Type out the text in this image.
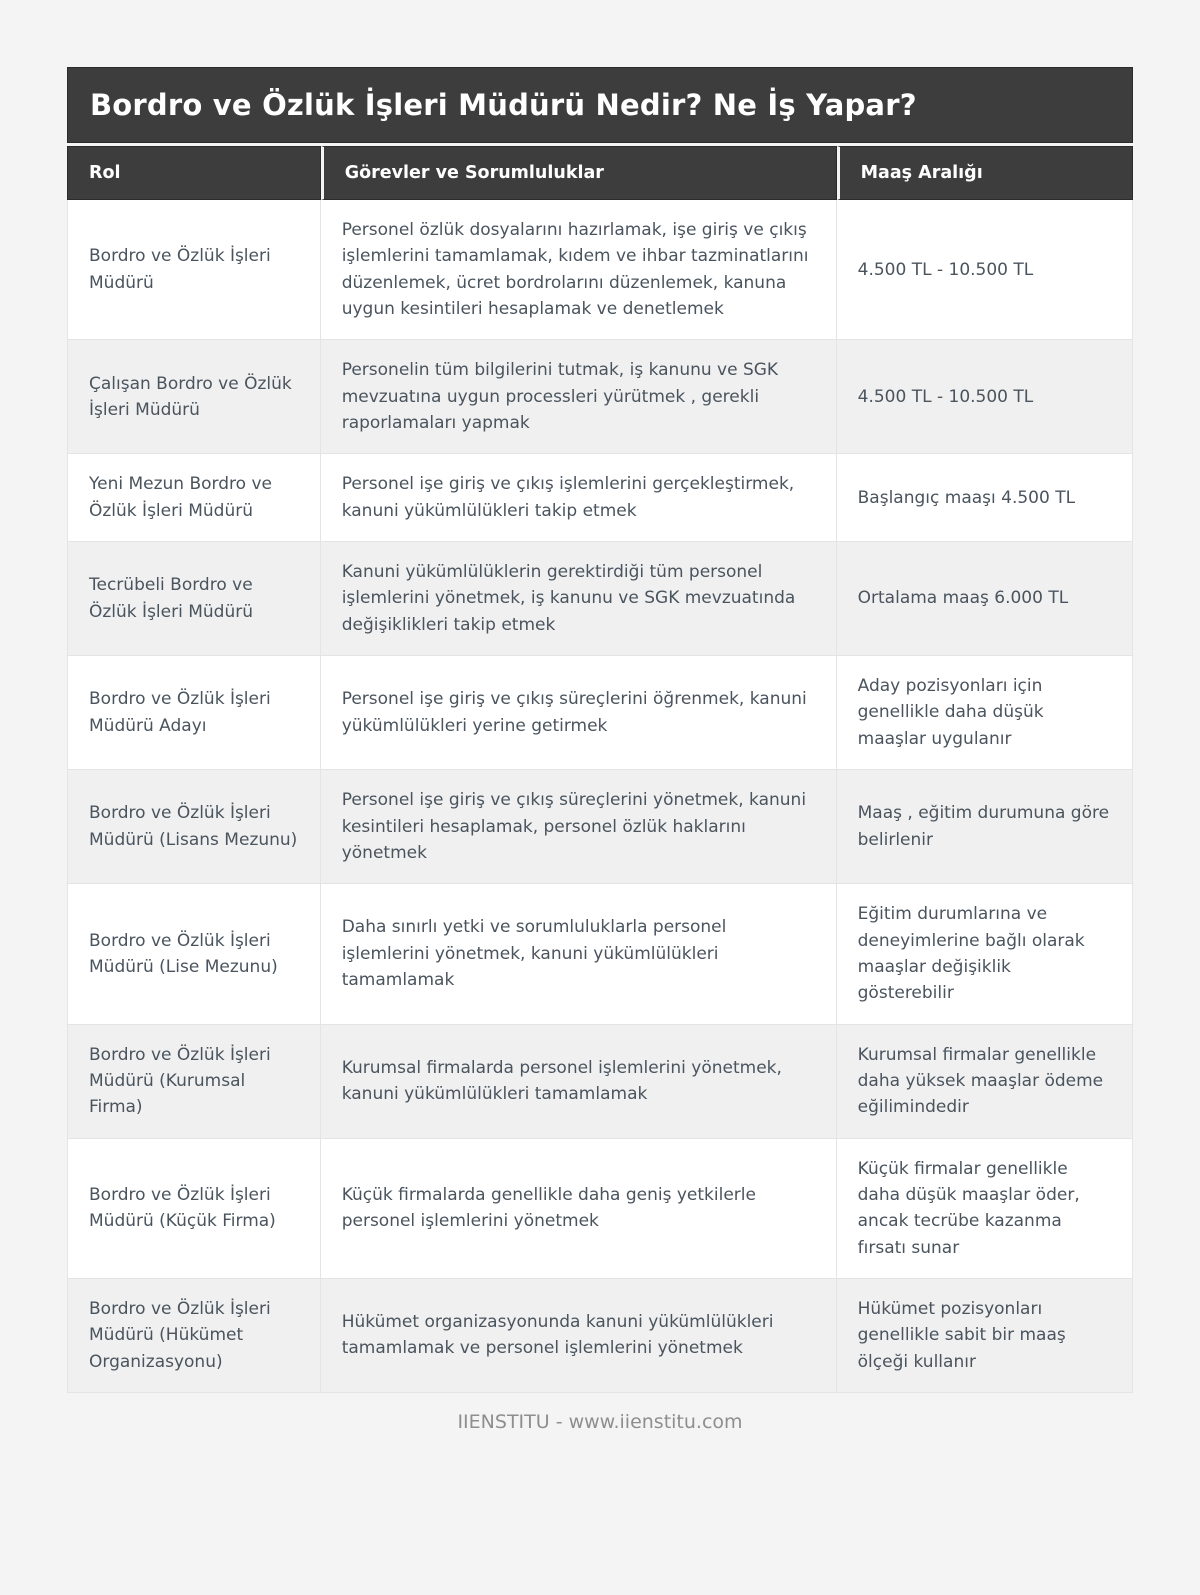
Bordro ve Özlük İşleri Müdürü Nedir? Ne İş Yapar?
Rol	Görevler ve Sorumluluklar	Maaş Aralığı
Bordro ve Özlük İşleri Müdürü	Personel özlük dosyalarını hazırlamak, işe giriş ve çıkış işlemlerini tamamlamak, kıdem ve ihbar tazminatlarını düzenlemek, ücret bordrolarını düzenlemek, kanuna uygun kesintileri hesaplamak ve denetlemek	4.500 TL - 10.500 TL
Çalışan Bordro ve Özlük İşleri Müdürü	Personelin tüm bilgilerini tutmak, iş kanunu ve SGK mevzuatına uygun processleri yürütmek , gerekli raporlamaları yapmak	4.500 TL - 10.500 TL
Yeni Mezun Bordro ve Özlük İşleri Müdürü	Personel işe giriş ve çıkış işlemlerini gerçekleştirmek, kanuni yükümlülükleri takip etmek	Başlangıç maaşı 4.500 TL
Tecrübeli Bordro ve Özlük İşleri Müdürü	Kanuni yükümlülüklerin gerektirdiği tüm personel işlemlerini yönetmek, iş kanunu ve SGK mevzuatında değişiklikleri takip etmek	Ortalama maaş 6.000 TL
Bordro ve Özlük İşleri Müdürü Adayı	Personel işe giriş ve çıkış süreçlerini öğrenmek, kanuni yükümlülükleri yerine getirmek	Aday pozisyonları için genellikle daha düşük maaşlar uygulanır
Bordro ve Özlük İşleri Müdürü (Lisans Mezunu)	Personel işe giriş ve çıkış süreçlerini yönetmek, kanuni kesintileri hesaplamak, personel özlük haklarını yönetmek	Maaş , eğitim durumuna göre belirlenir
Bordro ve Özlük İşleri Müdürü (Lise Mezunu)	Daha sınırlı yetki ve sorumluluklarla personel işlemlerini yönetmek, kanuni yükümlülükleri tamamlamak	Eğitim durumlarına ve deneyimlerine bağlı olarak maaşlar değişiklik gösterebilir
Bordro ve Özlük İşleri Müdürü (Kurumsal Firma)	Kurumsal firmalarda personel işlemlerini yönetmek, kanuni yükümlülükleri tamamlamak	Kurumsal firmalar genellikle daha yüksek maaşlar ödeme eğilimindedir
Bordro ve Özlük İşleri Müdürü (Küçük Firma)	Küçük firmalarda genellikle daha geniş yetkilerle personel işlemlerini yönetmek	Küçük firmalar genellikle daha düşük maaşlar öder, ancak tecrübe kazanma fırsatı sunar
Bordro ve Özlük İşleri Müdürü (Hükümet Organizasyonu)	Hükümet organizasyonunda kanuni yükümlülükleri tamamlamak ve personel işlemlerini yönetmek	Hükümet pozisyonları genellikle sabit bir maaş ölçeği kullanır
IIENSTITU - www.iienstitu.com
